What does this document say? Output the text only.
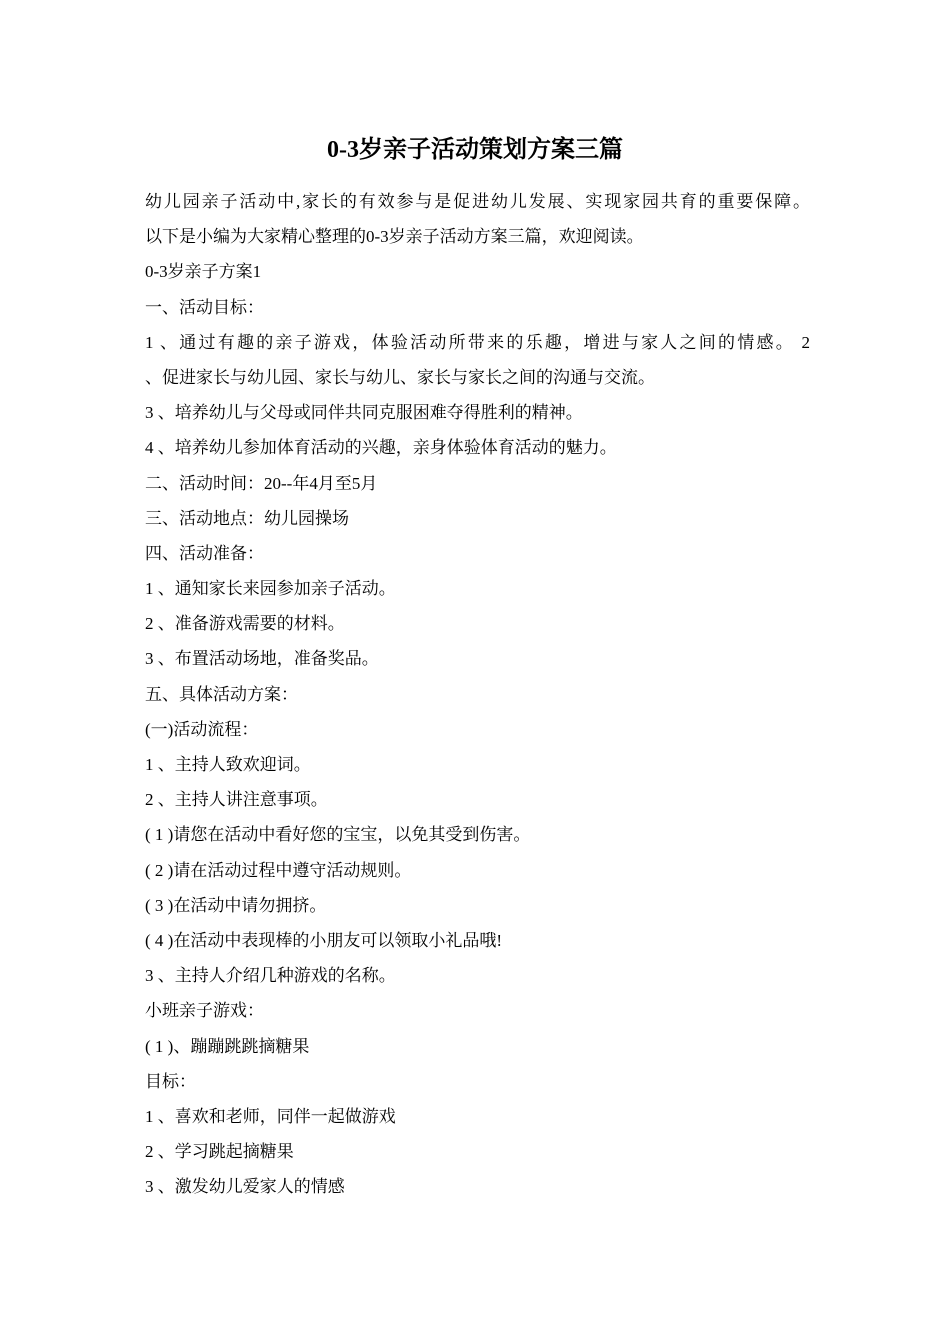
0-3岁亲子活动策划方案三篇
幼儿园亲子活动中,家长的有效参与是促进幼儿发展、实现家园共育的重要保障。
以下是小编为大家精心整理的0-3岁亲子活动方案三篇，欢迎阅读。
0-3岁亲子方案1
一、活动目标：
1 、通过有趣的亲子游戏，体验活动所带来的乐趣，增进与家人之间的情感。 2
、促进家长与幼儿园、家长与幼儿、家长与家长之间的沟通与交流。
3 、培养幼儿与父母或同伴共同克服困难夺得胜利的精神。
4 、培养幼儿参加体育活动的兴趣，亲身体验体育活动的魅力。
二、活动时间：20--年4月至5月
三、活动地点：幼儿园操场
四、活动准备：
1 、通知家长来园参加亲子活动。
2 、准备游戏需要的材料。
3 、布置活动场地，准备奖品。
五、具体活动方案：
(一)活动流程：
1 、主持人致欢迎词。
2 、主持人讲注意事项。
( 1 )请您在活动中看好您的宝宝，以免其受到伤害。
( 2 )请在活动过程中遵守活动规则。
( 3 )在活动中请勿拥挤。
( 4 )在活动中表现棒的小朋友可以领取小礼品哦!
3 、主持人介绍几种游戏的名称。
小班亲子游戏：
( 1 )、蹦蹦跳跳摘糖果
目标：
1 、喜欢和老师，同伴一起做游戏
2 、学习跳起摘糖果
3 、激发幼儿爱家人的情感
